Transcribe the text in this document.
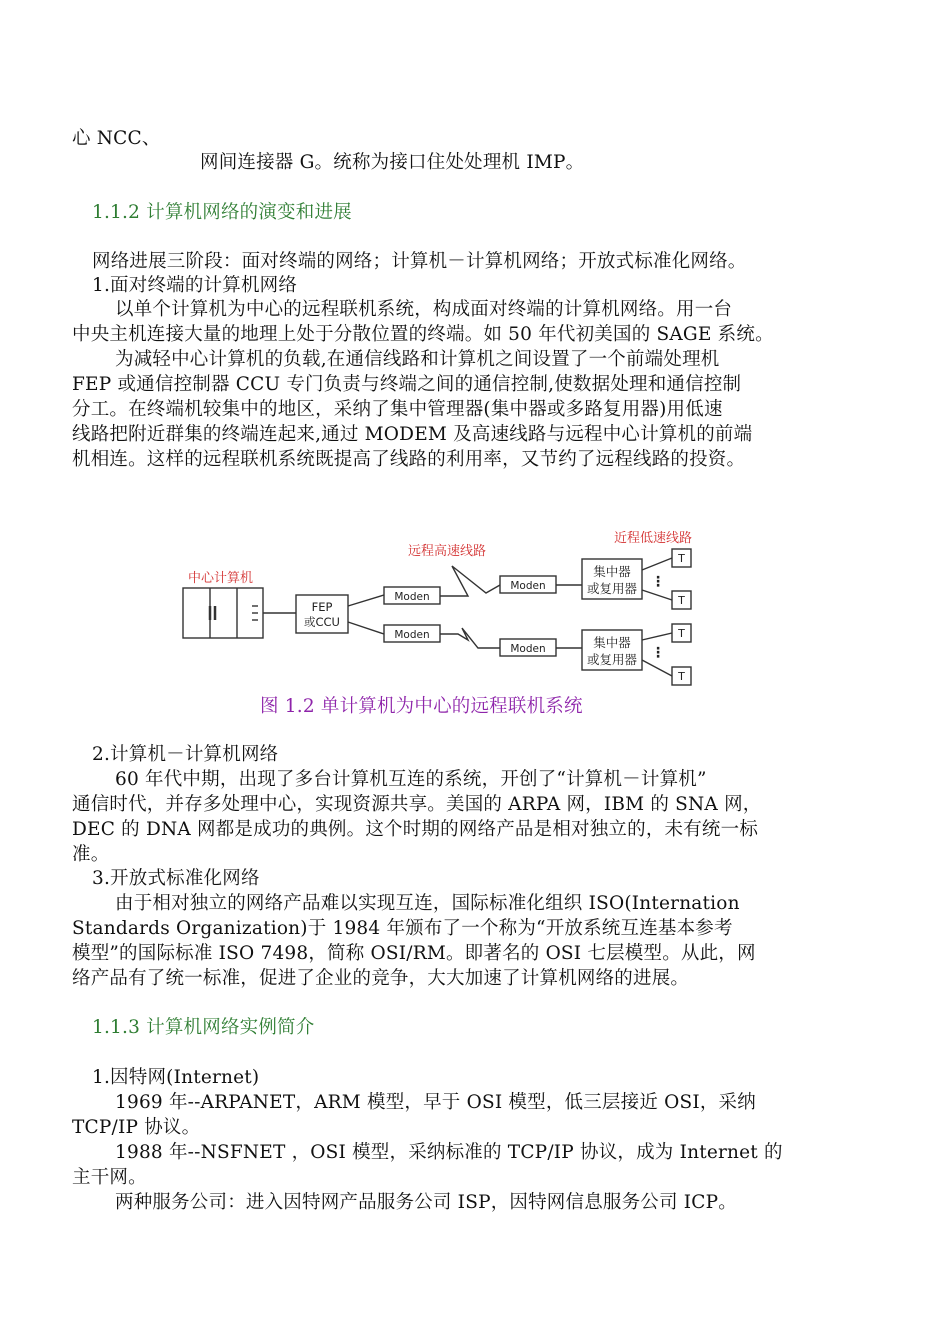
心 NCC、
网间连接器 G。统称为接口住处处理机 IMP。
1.1.2 计算机网络的演变和进展
网络进展三阶段：面对终端的网络；计算机－计算机网络；开放式标准化网络。
1.面对终端的计算机网络
以单个计算机为中心的远程联机系统，构成面对终端的计算机网络。用一台
中央主机连接大量的地理上处于分散位置的终端。如 50 年代初美国的 SAGE 系统。
为减轻中心计算机的负载,在通信线路和计算机之间设置了一个前端处理机
FEP 或通信控制器 CCU 专门负责与终端之间的通信控制,使数据处理和通信控制
分工。在终端机较集中的地区，采纳了集中管理器(集中器或多路复用器)用低速
线路把附近群集的终端连起来,通过 MODEM 及高速线路与远程中心计算机的前端
机相连。这样的远程联机系统既提高了线路的利用率，又节约了远程线路的投资。
中心计算机
FEP
或CCU
远程高速线路
近程低速线路
Moden
Moden
Moden
Moden
集中器
或复用器
集中器
或复用器
T
T
T
T
⋮
⋮
图 1.2 单计算机为中心的远程联机系统
2.计算机－计算机网络
60 年代中期，出现了多台计算机互连的系统，开创了“计算机－计算机”
通信时代，并存多处理中心，实现资源共享。美国的 ARPA 网，IBM 的 SNA 网，
DEC 的 DNA 网都是成功的典例。这个时期的网络产品是相对独立的，未有统一标
准。
3.开放式标准化网络
由于相对独立的网络产品难以实现互连，国际标准化组织 ISO(Internation
Standards Organization)于 1984 年颁布了一个称为“开放系统互连基本参考
模型”的国际标准 ISO 7498，简称 OSI/RM。即著名的 OSI 七层模型。从此，网
络产品有了统一标准，促进了企业的竞争，大大加速了计算机网络的进展。
1.1.3 计算机网络实例简介
1.因特网(Internet)
1969 年--ARPANET，ARM 模型，早于 OSI 模型，低三层接近 OSI，采纳
TCP/IP 协议。
1988 年--NSFNET ，OSI 模型，采纳标准的 TCP/IP 协议，成为 Internet 的
主干网。
两种服务公司：进入因特网产品服务公司 ISP，因特网信息服务公司 ICP。
